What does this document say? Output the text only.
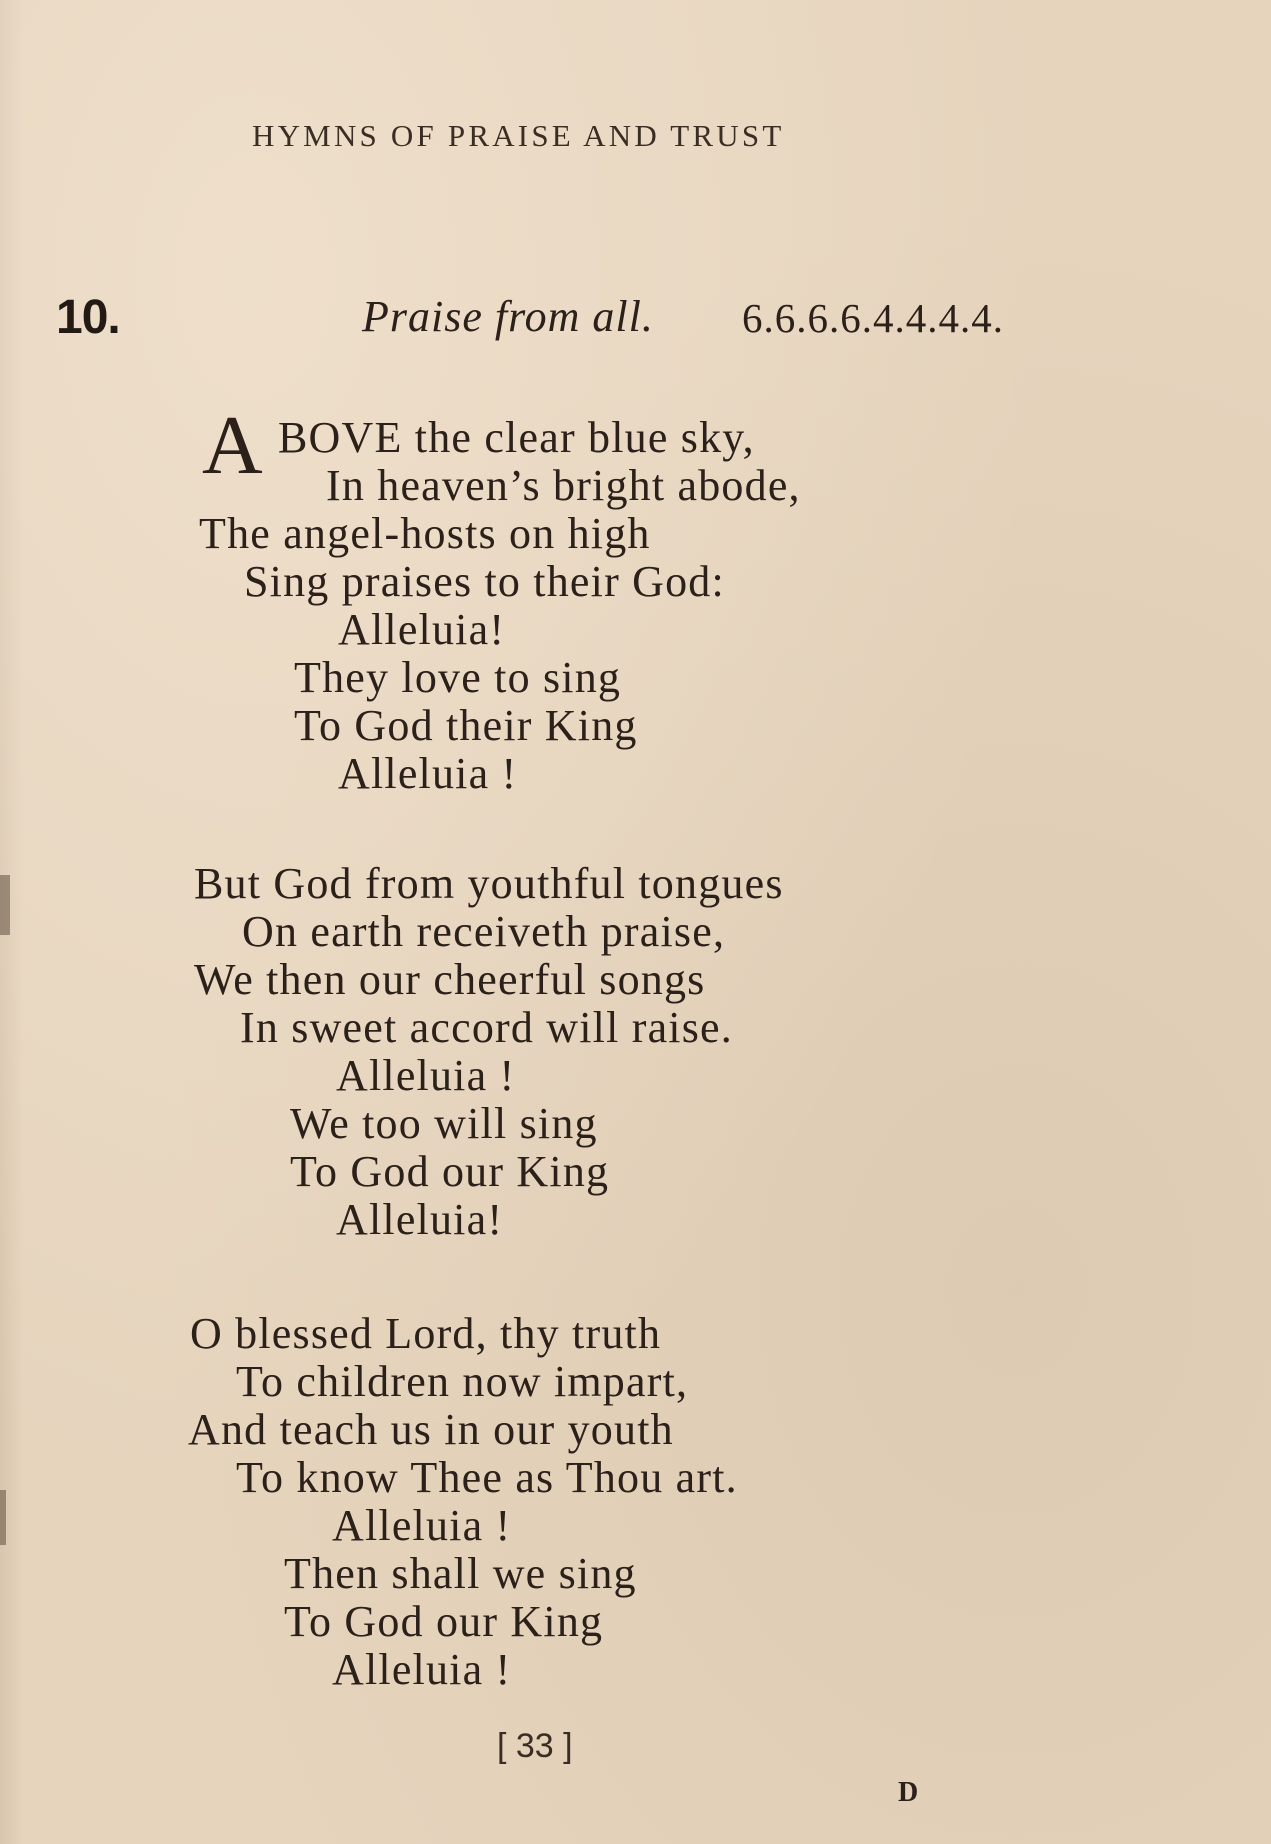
HYMNS OF PRAISE AND TRUST
10.	Praise from all. 6.6.6.6.4.4.4.4.
A BOVE the clear blue sky,
In heaven’s bright abode,
The angel-hosts on high
Sing praises to their God:
Alleluia!
They love to sing
To God their King
Alleluia !
But God from youthful tongues
On earth receiveth praise,
We then our cheerful songs
In sweet accord will raise.
Alleluia !
We too will sing
To God our King
Alleluia!
O blessed Lord, thy truth
To children now impart,
And teach us in our youth
To know Thee as Thou art.
Alleluia !
Then shall we sing
To God our King
Alleluia !
[ 33 ]
D
